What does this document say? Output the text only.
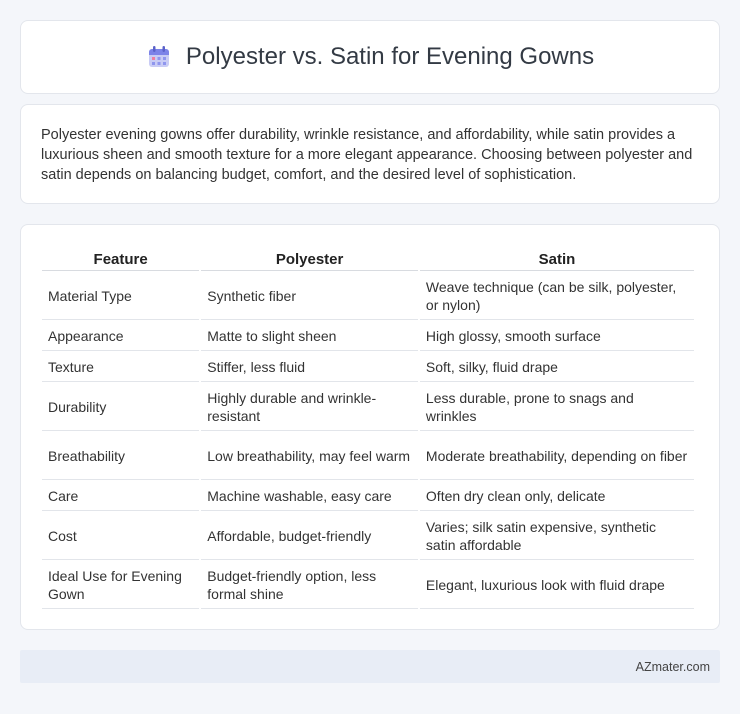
Polyester vs. Satin for Evening Gowns

Polyester evening gowns offer durability, wrinkle resistance, and affordability, while satin provides a luxurious sheen and smooth texture for a more elegant appearance. Choosing between polyester and satin depends on balancing budget, comfort, and the desired level of sophistication.

Feature	Polyester	Satin
Material Type	Synthetic fiber	Weave technique (can be silk, polyester, or nylon)
Appearance	Matte to slight sheen	High glossy, smooth surface
Texture	Stiffer, less fluid	Soft, silky, fluid drape
Durability	Highly durable and wrinkle-resistant	Less durable, prone to snags and wrinkles
Breathability	Low breathability, may feel warm	Moderate breathability, depending on fiber
Care	Machine washable, easy care	Often dry clean only, delicate
Cost	Affordable, budget-friendly	Varies; silk satin expensive, synthetic satin affordable
Ideal Use for Evening Gown	Budget-friendly option, less formal shine	Elegant, luxurious look with fluid drape
AZmater.com
